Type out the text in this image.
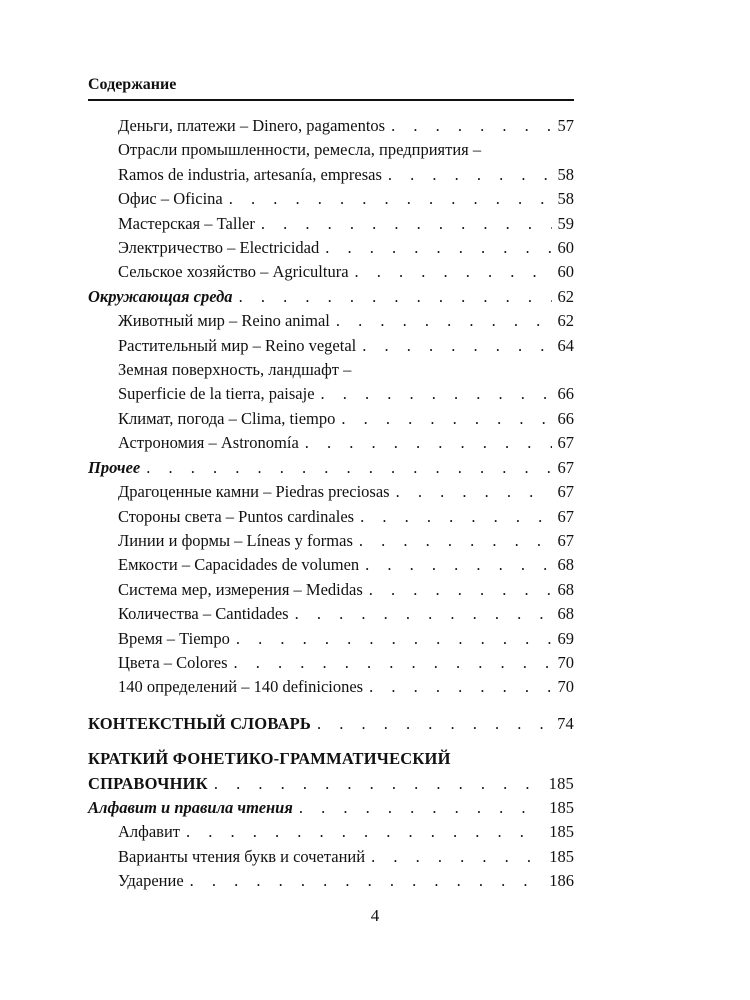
Содержание
Деньги, платежи – Dinero, pagamentos . . .	57
Отрасли промышленности, ремесла, предприятия –
Ramos de industria, artesanía, empresas . . .	58
Офис – Oficina . . .	58
Мастерская – Taller . . .	59
Электричество – Electricidad . . .	60
Сельское хозяйство – Agricultura . . .	60
Окружающая среда . . .	62
Животный мир – Reino animal . . .	62
Растительный мир – Reino vegetal . . .	64
Земная поверхность, ландшафт –
Superficie de la tierra, paisaje . . .	66
Климат, погода – Clima, tiempo . . .	66
Астрономия – Astronomía . . .	67
Прочее . . .	67
Драгоценные камни – Piedras preciosas . . .	67
Стороны света – Puntos cardinales . . .	67
Линии и формы – Líneas y formas . . .	67
Емкости – Capacidades de volumen . . .	68
Система мер, измерения – Medidas . . .	68
Количества – Cantidades . . .	68
Время – Tiempo . . .	69
Цвета – Colores . . .	70
140 определений – 140 definiciones . . .	70
КОНТЕКСТНЫЙ СЛОВАРЬ . . .	74
КРАТКИЙ ФОНЕТИКО-ГРАММАТИЧЕСКИЙ
СПРАВОЧНИК . . .	185
Алфавит и правила чтения . . .	185
Алфавит . . .	185
Варианты чтения букв и сочетаний . . .	185
Ударение . . .	186
4
